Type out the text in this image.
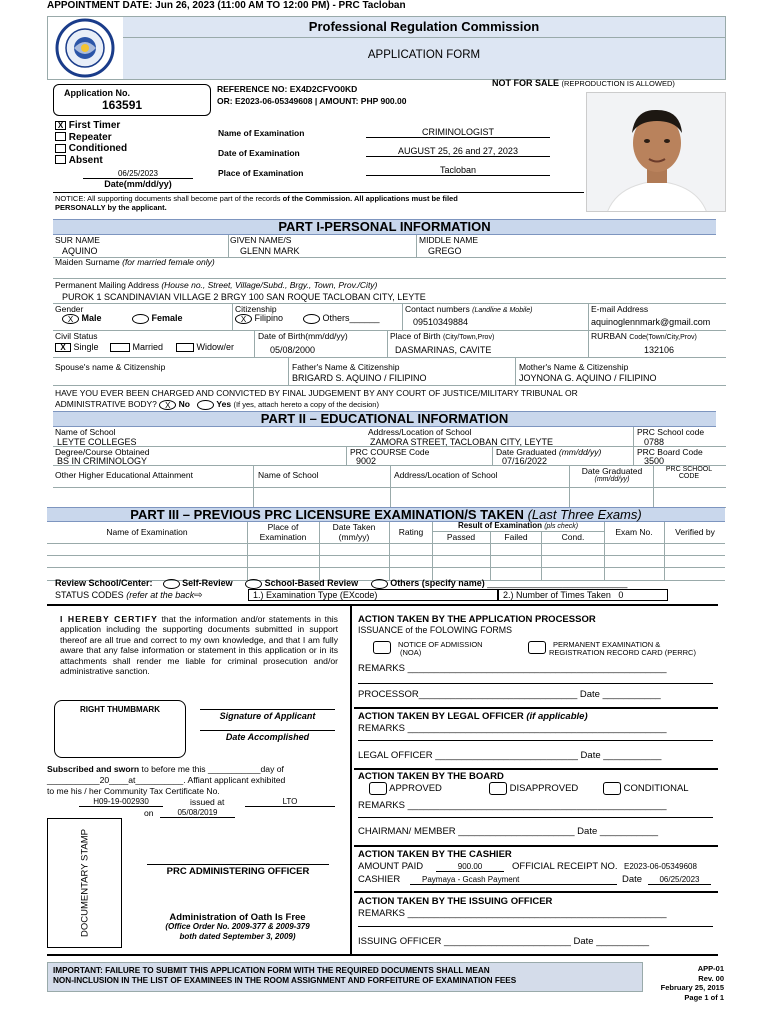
APPOINTMENT DATE: Jun 26, 2023 (11:00 AM TO 12:00 PM) - PRC Tacloban
Professional Regulation Commission
APPLICATION FORM
Application No.
163591
REFERENCE NO: EX4D2CFVO0KD
OR: E2023-06-05349608 | AMOUNT: PHP 900.00
NOT FOR SALE (REPRODUCTION IS ALLOWED)
X First Timer
Repeater
Conditioned
Absent
06/25/2023
Date(mm/dd/yy)
Name of Examination	CRIMINOLOGIST
Date of Examination	AUGUST 25, 26 and 27, 2023
Place of Examination	Tacloban
NOTICE: All supporting documents shall become part of the records of the Commission. All applications must be filed
PERSONALLY by the applicant.
PART I-PERSONAL INFORMATION
SUR NAME
AQUINO
GIVEN NAME/S
GLENN MARK
MIDDLE NAME
GREGO
Maiden Surname (for married female only)
Permanent Mailing Address (House no., Street, Village/Subd., Brgy., Town, Prov./City)
PUROK 1 SCANDINAVIAN VILLAGE 2 BRGY 100 SAN ROQUE TACLOBAN CITY, LEYTE
Gender
X Male	Female
Citizenship
X Filipino	Others______
Contact numbers (Landline & Mobile)
09510349884
E-mail Address
aquinoglennmark@gmail.com
Civil Status
X Single	Married	Widow/er
Date of Birth(mm/dd/yy)
05/08/2000
Place of Birth (City/Town,Prov)
DASMARINAS, CAVITE
RURBAN Code(Town/City,Prov)
132106
Spouse's name & Citizenship	Father's Name & Citizenship
BRIGARD S. AQUINO / FILIPINO
Mother's Name & Citizenship
JOYNONA G. AQUINO / FILIPINO
HAVE YOU EVER BEEN CHARGED AND CONVICTED BY FINAL JUDGEMENT BY ANY COURT OF JUSTICE/MILITARY TRIBUNAL OR
ADMINISTRATIVE BODY? X No	Yes (If yes, attach hereto a copy of the decision)
PART II – EDUCATIONAL INFORMATION
Name of School
LEYTE COLLEGES
Address/Location of School
ZAMORA STREET, TACLOBAN CITY, LEYTE
PRC School code
0788
Degree/Course Obtained
BS IN CRIMINOLOGY
PRC COURSE Code
9002
Date Graduated (mm/dd/yy)
07/16/2022
PRC Board Code
3500
Other Higher Educational Attainment	Name of School	Address/Location of School	Date Graduated
(mm/dd/yy)
PRC SCHOOL CODE
PART III – PREVIOUS PRC LICENSURE EXAMINATION/S TAKEN (Last Three Exams)
Name of Examination	Place of Examination
Date Taken (mm/yy)	Rating
Result of Examination (pls check)
Passed	Failed	Cond.	Exam No.	Verified by
Review School/Center:	Self-Review	School-Based Review	Others (specify name) ____________________________
STATUS CODES (refer at the back⇨	1.) Examination Type (EXcode)	2.) Number of Times Taken 0
I HEREBY CERTIFY that the information and/or statements in this application including the supporting documents submitted in support thereof are all true and correct to my own knowledge, and that I am fully aware that any false information or statement in this application or in its attachments shall render me liable for criminal prosecution and/or administrative sanction.
RIGHT THUMBMARK
Signature of Applicant
Date Accomplished
Subscribed and sworn to before me this ___________day of
___________20____at__________. Affiant applicant exhibited
to me his / her Community Tax Certificate No.
H09-19-002930	issued at	LTO
on	05/08/2019
DOCUMENTARY STAMP	PRC ADMINISTERING OFFICER
Administration of Oath Is Free
(Office Order No. 2009-377 & 2009-379
both dated September 3, 2009)
ACTION TAKEN BY THE APPLICATION PROCESSOR
ISSUANCE of the FOLOWING FORMS
NOTICE OF ADMISSION
(NOA)
PERMANENT EXAMINATION &
REGISTRATION RECORD CARD (PERRC)
REMARKS _________________________________________________
PROCESSOR______________________________ Date ___________
ACTION TAKEN BY LEGAL OFFICER (if applicable)
REMARKS _________________________________________________
LEGAL OFFICER ___________________________ Date ___________
ACTION TAKEN BY THE BOARD
APPROVED	DISAPPROVED	CONDITIONAL
REMARKS _________________________________________________
CHAIRMAN/ MEMBER ______________________ Date ___________
ACTION TAKEN BY THE CASHIER
AMOUNT PAID	900.00	OFFICIAL RECEIPT NO. E2023-06-05349608
CASHIER	Paymaya - Gcash Payment	Date	06/25/2023
ACTION TAKEN BY THE ISSUING OFFICER
REMARKS _________________________________________________
ISSUING OFFICER ________________________ Date __________
IMPORTANT: FAILURE TO SUBMIT THIS APPLICATION FORM WITH THE REQUIRED DOCUMENTS SHALL MEAN
NON-INCLUSION IN THE LIST OF EXAMINEES IN THE ROOM ASSIGNMENT AND FORFEITURE OF EXAMINATION FEES
APP-01
Rev. 00
February 25, 2015
Page 1 of 1
